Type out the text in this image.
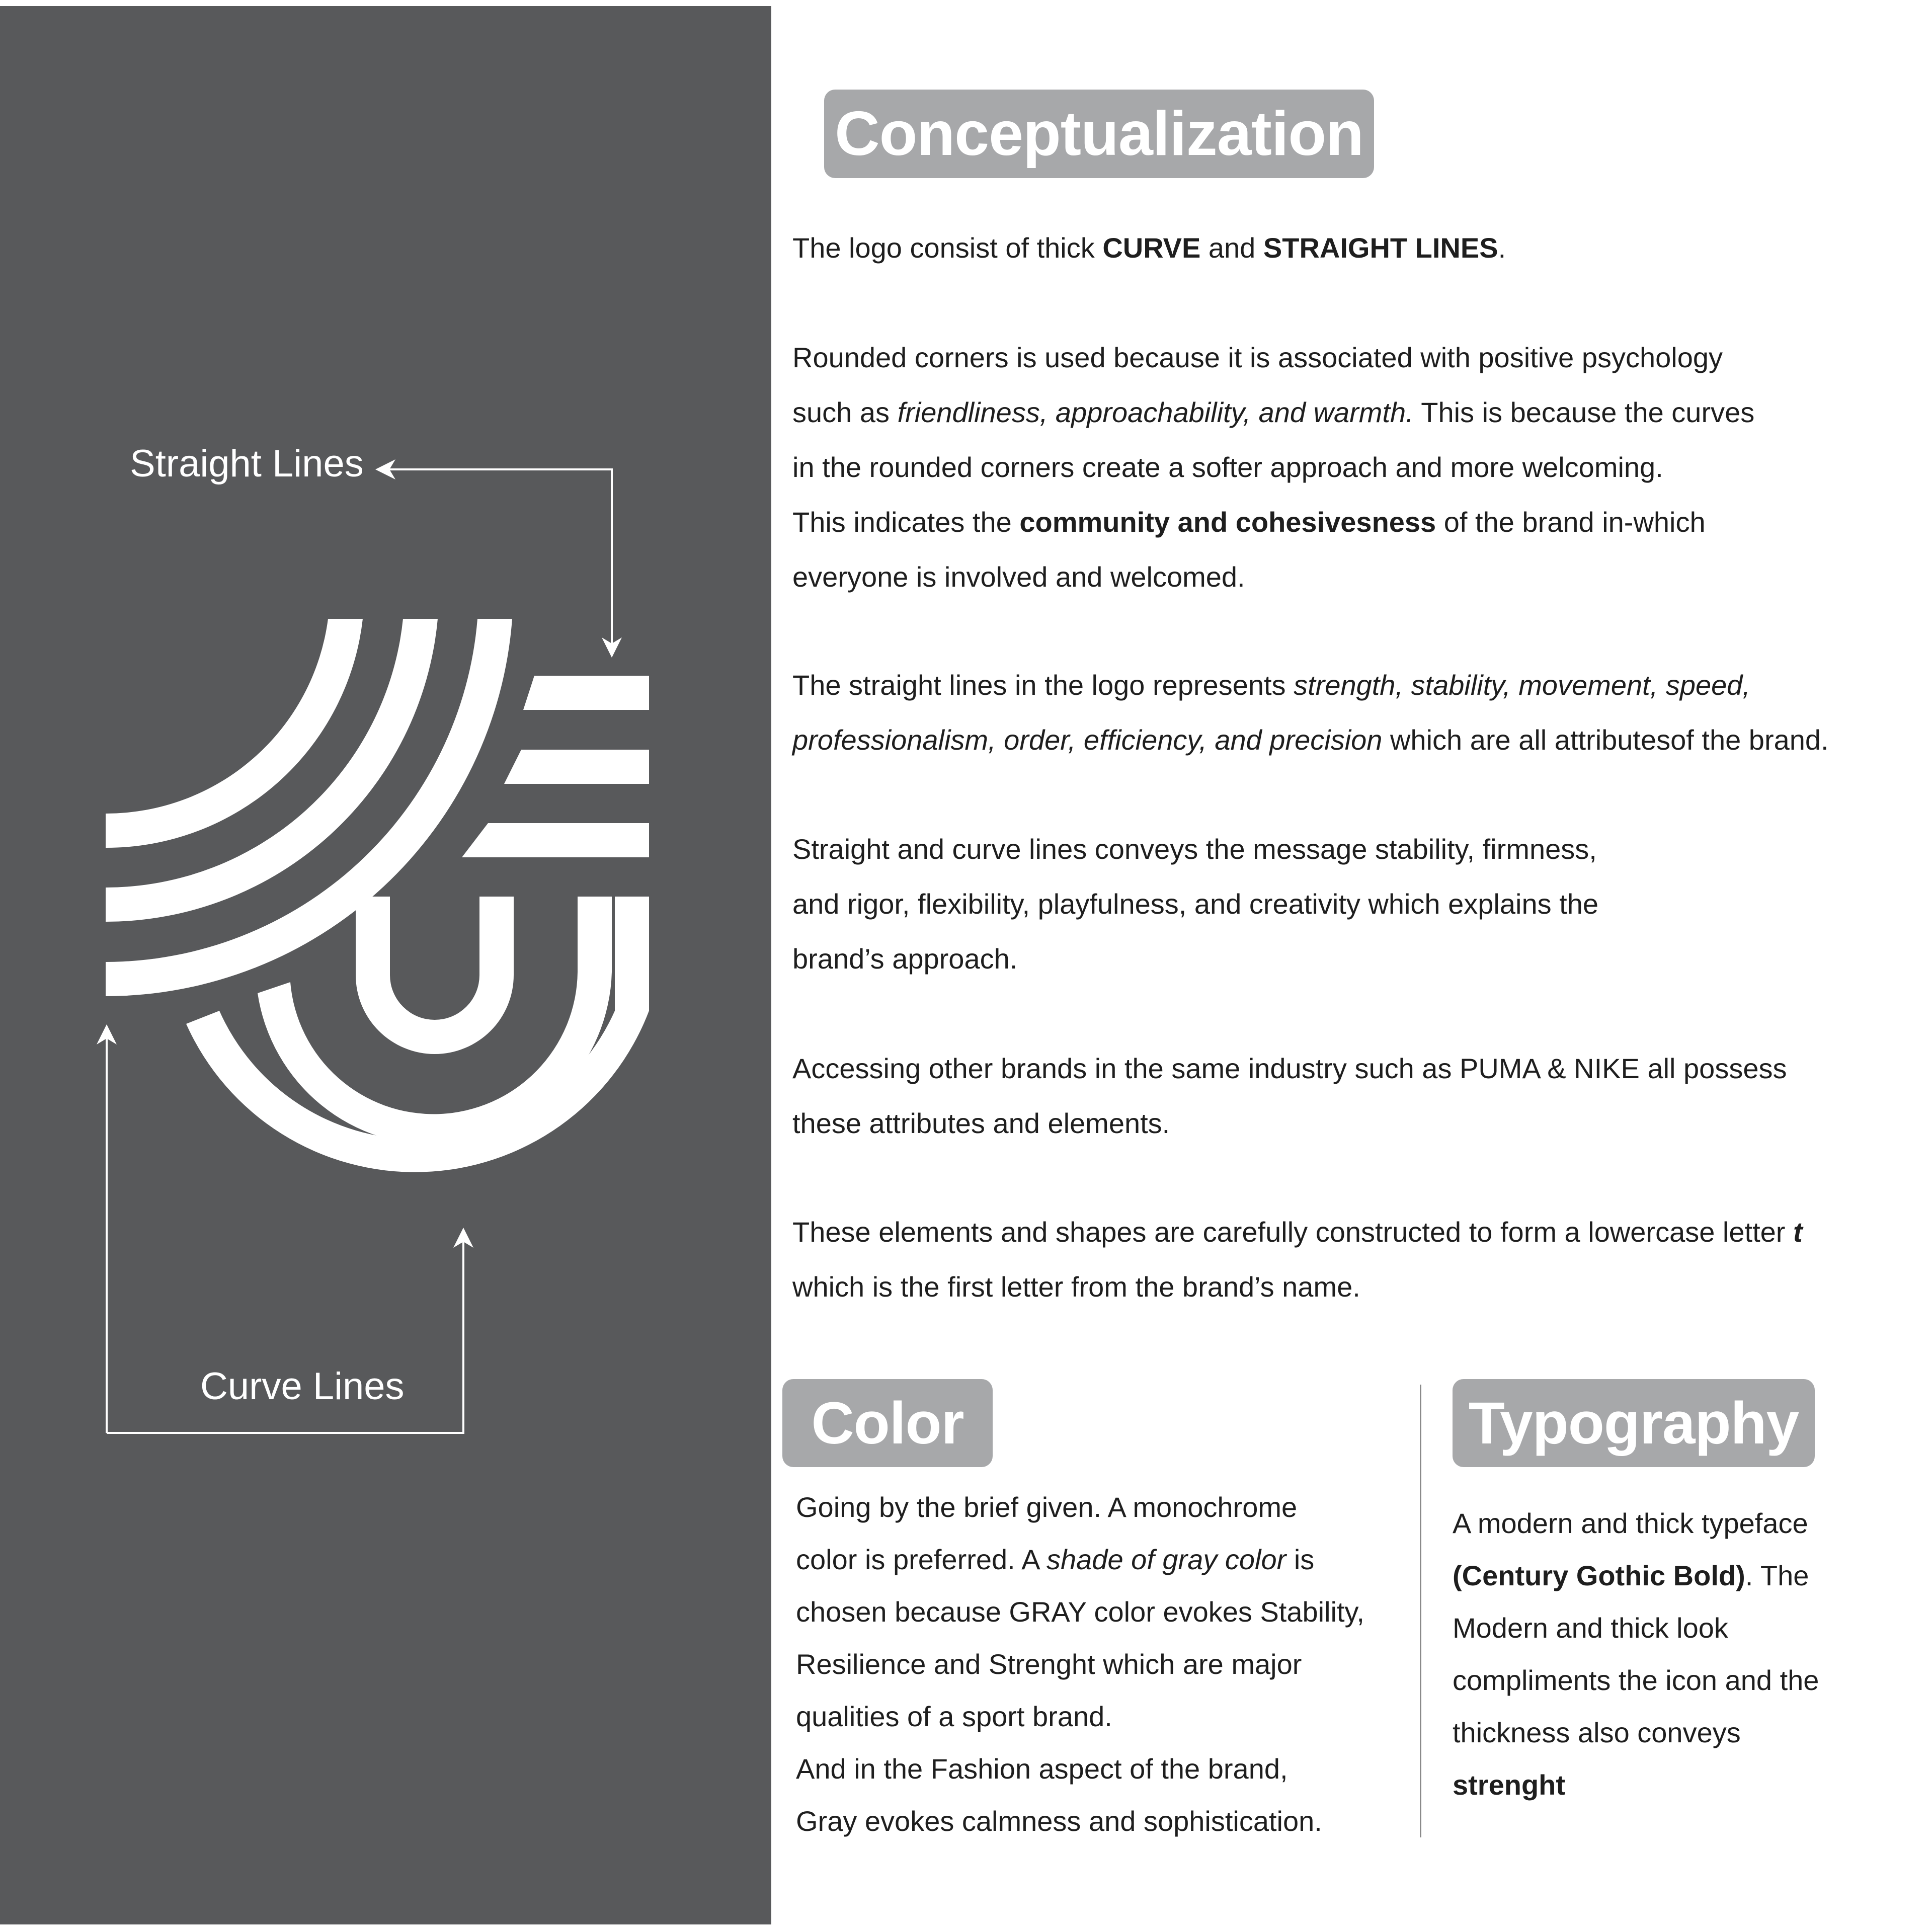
Straight Lines
Curve Lines
Conceptualization

The logo consist of thick CURVE and STRAIGHT LINES.

Rounded corners is used because it is associated with positive psychology
such as friendliness, approachability, and warmth. This is because the curves
in the rounded corners create a softer approach and more welcoming.
This indicates the community and cohesivesness of the brand in-which
everyone is involved and welcomed.

The straight lines in the logo represents strength, stability, movement, speed,
professionalism, order, efficiency, and precision which are all attributesof the brand.

Straight and curve lines conveys the message stability, firmness,
and rigor, flexibility, playfulness, and creativity which explains the
brand’s approach.

Accessing other brands in the same industry such as PUMA & NIKE all possess
these attributes and elements.

These elements and shapes are carefully constructed to form a lowercase letter t
which is the first letter from the brand’s name.

Color

Going by the brief given. A monochrome
color is preferred. A shade of gray color is
chosen because GRAY color evokes Stability,
Resilience and Strenght which are major
qualities of a sport brand.
And in the Fashion aspect of the brand,
Gray evokes calmness and sophistication.

Typography

A modern and thick typeface
(Century Gothic Bold). The
Modern and thick look
compliments the icon and the
thickness also conveys
strenght
